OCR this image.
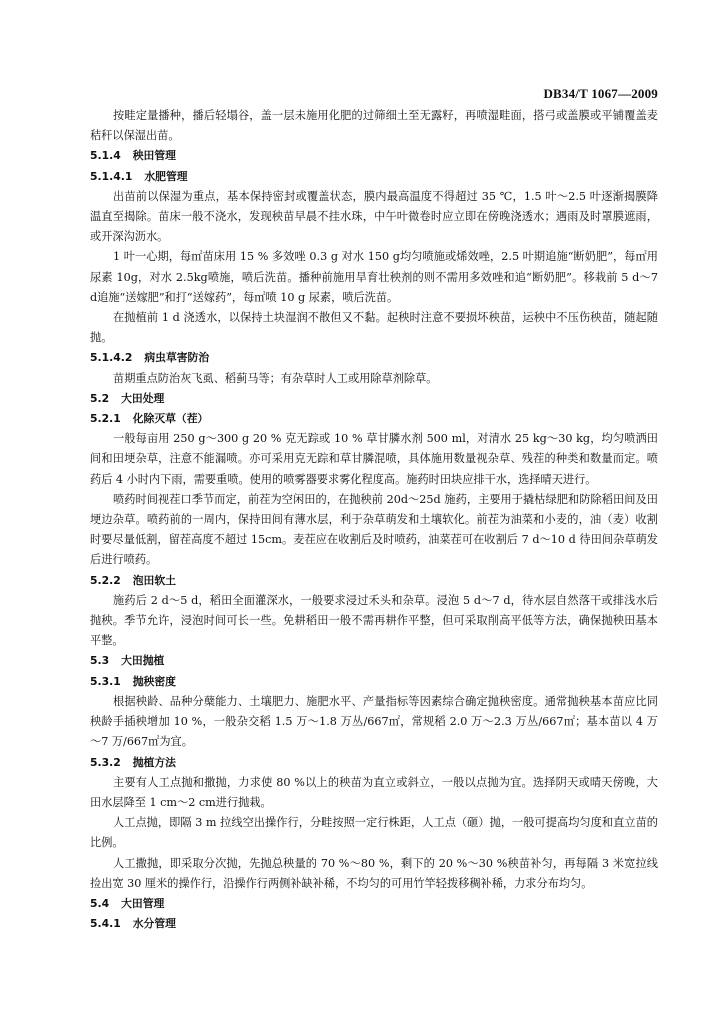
DB34/T 1067—2009

按畦定量播种，播后轻塌谷，盖一层未施用化肥的过筛细土至无露籽，再喷湿畦面，搭弓或盖膜或平铺覆盖麦秸秆以保湿出苗。

5.1.4 秧田管理
5.1.4.1 水肥管理

出苗前以保湿为重点，基本保持密封或覆盖状态，膜内最高温度不得超过 35 ℃，1.5 叶～2.5 叶逐渐揭膜降温直至揭除。苗床一般不浇水，发现秧苗早晨不挂水珠，中午叶微卷时应立即在傍晚浇透水；遇雨及时罩膜遮雨，或开深沟沥水。

1 叶一心期，每㎡苗床用 15 % 多效唑 0.3 g 对水 150 g均匀喷施或烯效唑，2.5 叶期追施“断奶肥”，每㎡用尿素 10g，对水 2.5kg喷施，喷后洗苗。播种前施用旱育壮秧剂的则不需用多效唑和追“断奶肥”。移栽前 5 d～7 d追施“送嫁肥”和打“送嫁药”，每㎡喷 10 g 尿素，喷后洗苗。

在抛植前 1 d 浇透水，以保持土块湿润不散但又不黏。起秧时注意不要损坏秧苗，运秧中不压伤秧苗，随起随抛。

5.1.4.2 病虫草害防治

苗期重点防治灰飞虱、稻蓟马等；有杂草时人工或用除草剂除草。

5.2 大田处理
5.2.1 化除灭草（茬）

一般每亩用 250 g～300 g 20 % 克无踪或 10 % 草甘膦水剂 500 ml，对清水 25 kg～30 kg，均匀喷洒田间和田埂杂草，注意不能漏喷。亦可采用克无踪和草甘膦混喷，具体施用数量视杂草、残茬的种类和数量而定。喷药后 4 小时内下雨，需要重喷。使用的喷雾器要求雾化程度高。施药时田块应排干水，选择晴天进行。

喷药时间视茬口季节而定，前茬为空闲田的，在抛秧前 20d～25d 施药，主要用于撬枯绿肥和防除稻田间及田埂边杂草。喷药前的一周内，保持田间有薄水层，利于杂草萌发和土壤软化。前茬为油菜和小麦的，油（麦）收割时要尽量低割，留茬高度不超过 15cm。麦茬应在收割后及时喷药，油菜茬可在收割后 7 d～10 d 待田间杂草萌发后进行喷药。

5.2.2 泡田软土

施药后 2 d～5 d，稻田全面灌深水，一般要求浸过禾头和杂草。浸泡 5 d～7 d，待水层自然落干或排浅水后抛秧。季节允许，浸泡时间可长一些。免耕稻田一般不需再耕作平整，但可采取削高平低等方法，确保抛秧田基本平整。

5.3 大田抛植
5.3.1 抛秧密度

根据秧龄、品种分蘖能力、土壤肥力、施肥水平、产量指标等因素综合确定抛秧密度。通常抛秧基本苗应比同秧龄手插秧增加 10 %，一般杂交稻 1.5 万～1.8 万丛/667㎡，常规稻 2.0 万～2.3 万丛/667㎡；基本苗以 4 万～7 万/667㎡为宜。

5.3.2 抛植方法

主要有人工点抛和撒抛，力求使 80 %以上的秧苗为直立或斜立，一般以点抛为宜。选择阴天或晴天傍晚，大田水层降至 1 cm～2 cm进行抛栽。

人工点抛，即隔 3 m 拉线空出操作行，分畦按照一定行株距，人工点（砸）抛，一般可提高均匀度和直立苗的比例。

人工撒抛，即采取分次抛，先抛总秧量的 70 %～80 %，剩下的 20 %～30 %秧苗补匀，再每隔 3 米宽拉线捡出宽 30 厘米的操作行，沿操作行两侧补缺补稀，不均匀的可用竹竿轻拨移稠补稀，力求分布均匀。

5.4 大田管理
5.4.1 水分管理
